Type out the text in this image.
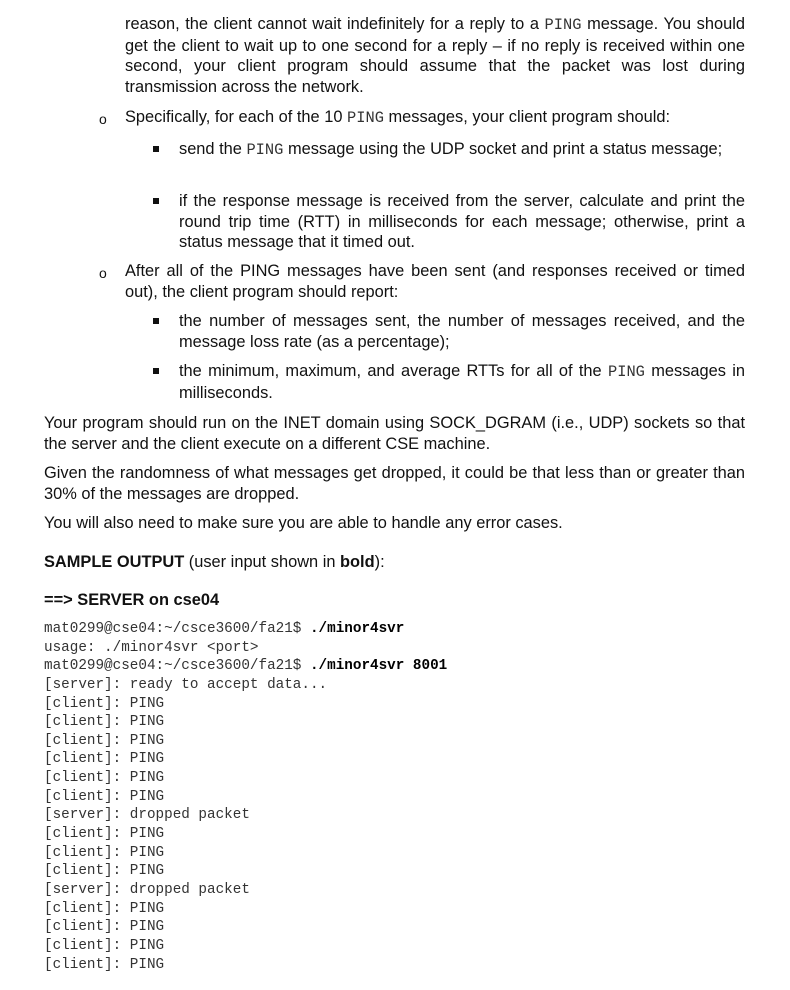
reason, the client cannot wait indefinitely for a reply to a PING message. You should get the client to wait up to one second for a reply – if no reply is received within one second, your client program should assume that the packet was lost during transmission across the network.

o Specifically, for each of the 10 PING messages, your client program should:

send the PING message using the UDP socket and print a status message;

if the response message is received from the server, calculate and print the round trip time (RTT) in milliseconds for each message; otherwise, print a status message that it timed out.

o After all of the PING messages have been sent (and responses received or timed out), the client program should report:

the number of messages sent, the number of messages received, and the message loss rate (as a percentage);

the minimum, maximum, and average RTTs for all of the PING messages in milliseconds.

Your program should run on the INET domain using SOCK_DGRAM (i.e., UDP) sockets so that the server and the client execute on a different CSE machine.

Given the randomness of what messages get dropped, it could be that less than or greater than 30% of the messages are dropped.

You will also need to make sure you are able to handle any error cases.

SAMPLE OUTPUT (user input shown in bold):

==> SERVER on cse04

mat0299@cse04:~/csce3600/fa21$ ./minor4svr
usage: ./minor4svr <port>
mat0299@cse04:~/csce3600/fa21$ ./minor4svr 8001
[server]: ready to accept data...
[client]: PING
[client]: PING
[client]: PING
[client]: PING
[client]: PING
[client]: PING
[server]: dropped packet
[client]: PING
[client]: PING
[client]: PING
[server]: dropped packet
[client]: PING
[client]: PING
[client]: PING
[client]: PING
